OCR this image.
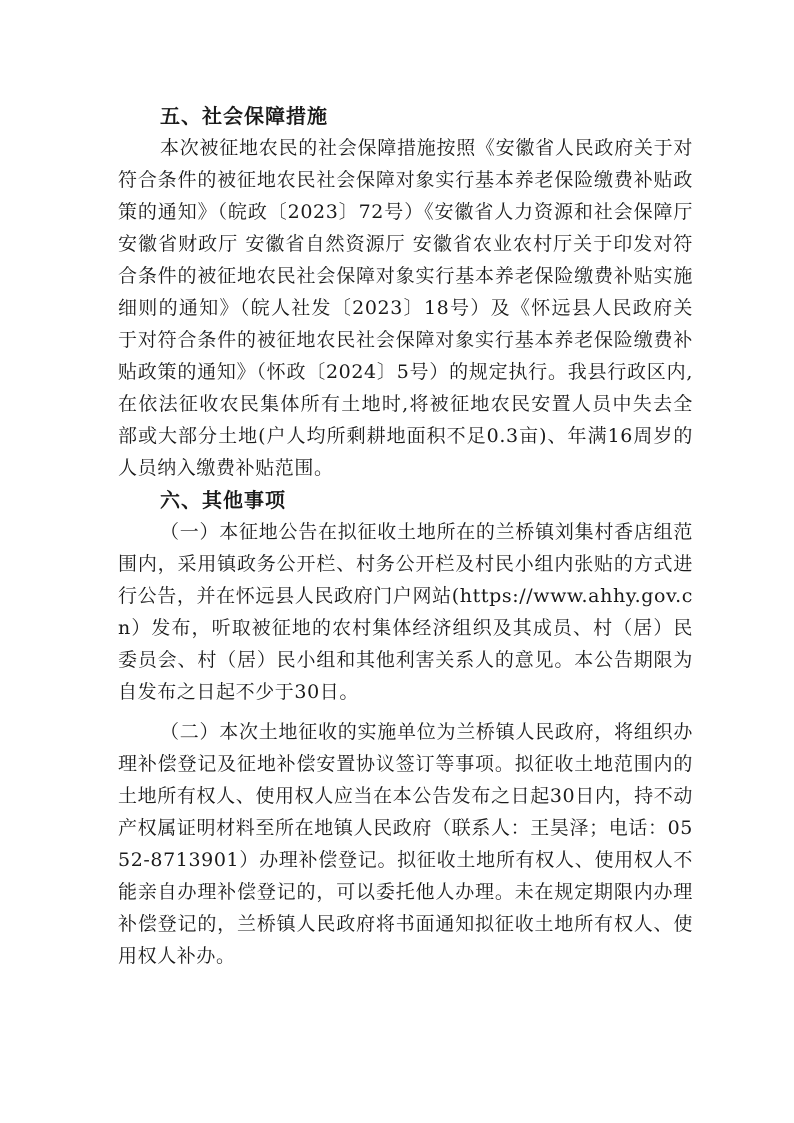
五、社会保障措施

本次被征地农民的社会保障措施按照《安徽省人民政府关于对符合条件的被征地农民社会保障对象实行基本养老保险缴费补贴政策的通知》（皖政〔2023〕72号）《安徽省人力资源和社会保障厅 安徽省财政厅 安徽省自然资源厅 安徽省农业农村厅关于印发对符合条件的被征地农民社会保障对象实行基本养老保险缴费补贴实施细则的通知》（皖人社发〔2023〕18号）及《怀远县人民政府关于对符合条件的被征地农民社会保障对象实行基本养老保险缴费补贴政策的通知》（怀政〔2024〕5号）的规定执行。我县行政区内,在依法征收农民集体所有土地时,将被征地农民安置人员中失去全部或大部分土地(户人均所剩耕地面积不足0.3亩)、年满16周岁的人员纳入缴费补贴范围。

六、其他事项

（一）本征地公告在拟征收土地所在的兰桥镇刘集村香店组范围内，采用镇政务公开栏、村务公开栏及村民小组内张贴的方式进行公告，并在怀远县人民政府门户网站(https://www.ahhy.gov.cn）发布，听取被征地的农村集体经济组织及其成员、村（居）民委员会、村（居）民小组和其他利害关系人的意见。本公告期限为自发布之日起不少于30日。

（二）本次土地征收的实施单位为兰桥镇人民政府，将组织办理补偿登记及征地补偿安置协议签订等事项。拟征收土地范围内的土地所有权人、使用权人应当在本公告发布之日起30日内，持不动产权属证明材料至所在地镇人民政府（联系人：王昊泽；电话：0552-8713901）办理补偿登记。拟征收土地所有权人、使用权人不能亲自办理补偿登记的，可以委托他人办理。未在规定期限内办理补偿登记的，兰桥镇人民政府将书面通知拟征收土地所有权人、使用权人补办。
